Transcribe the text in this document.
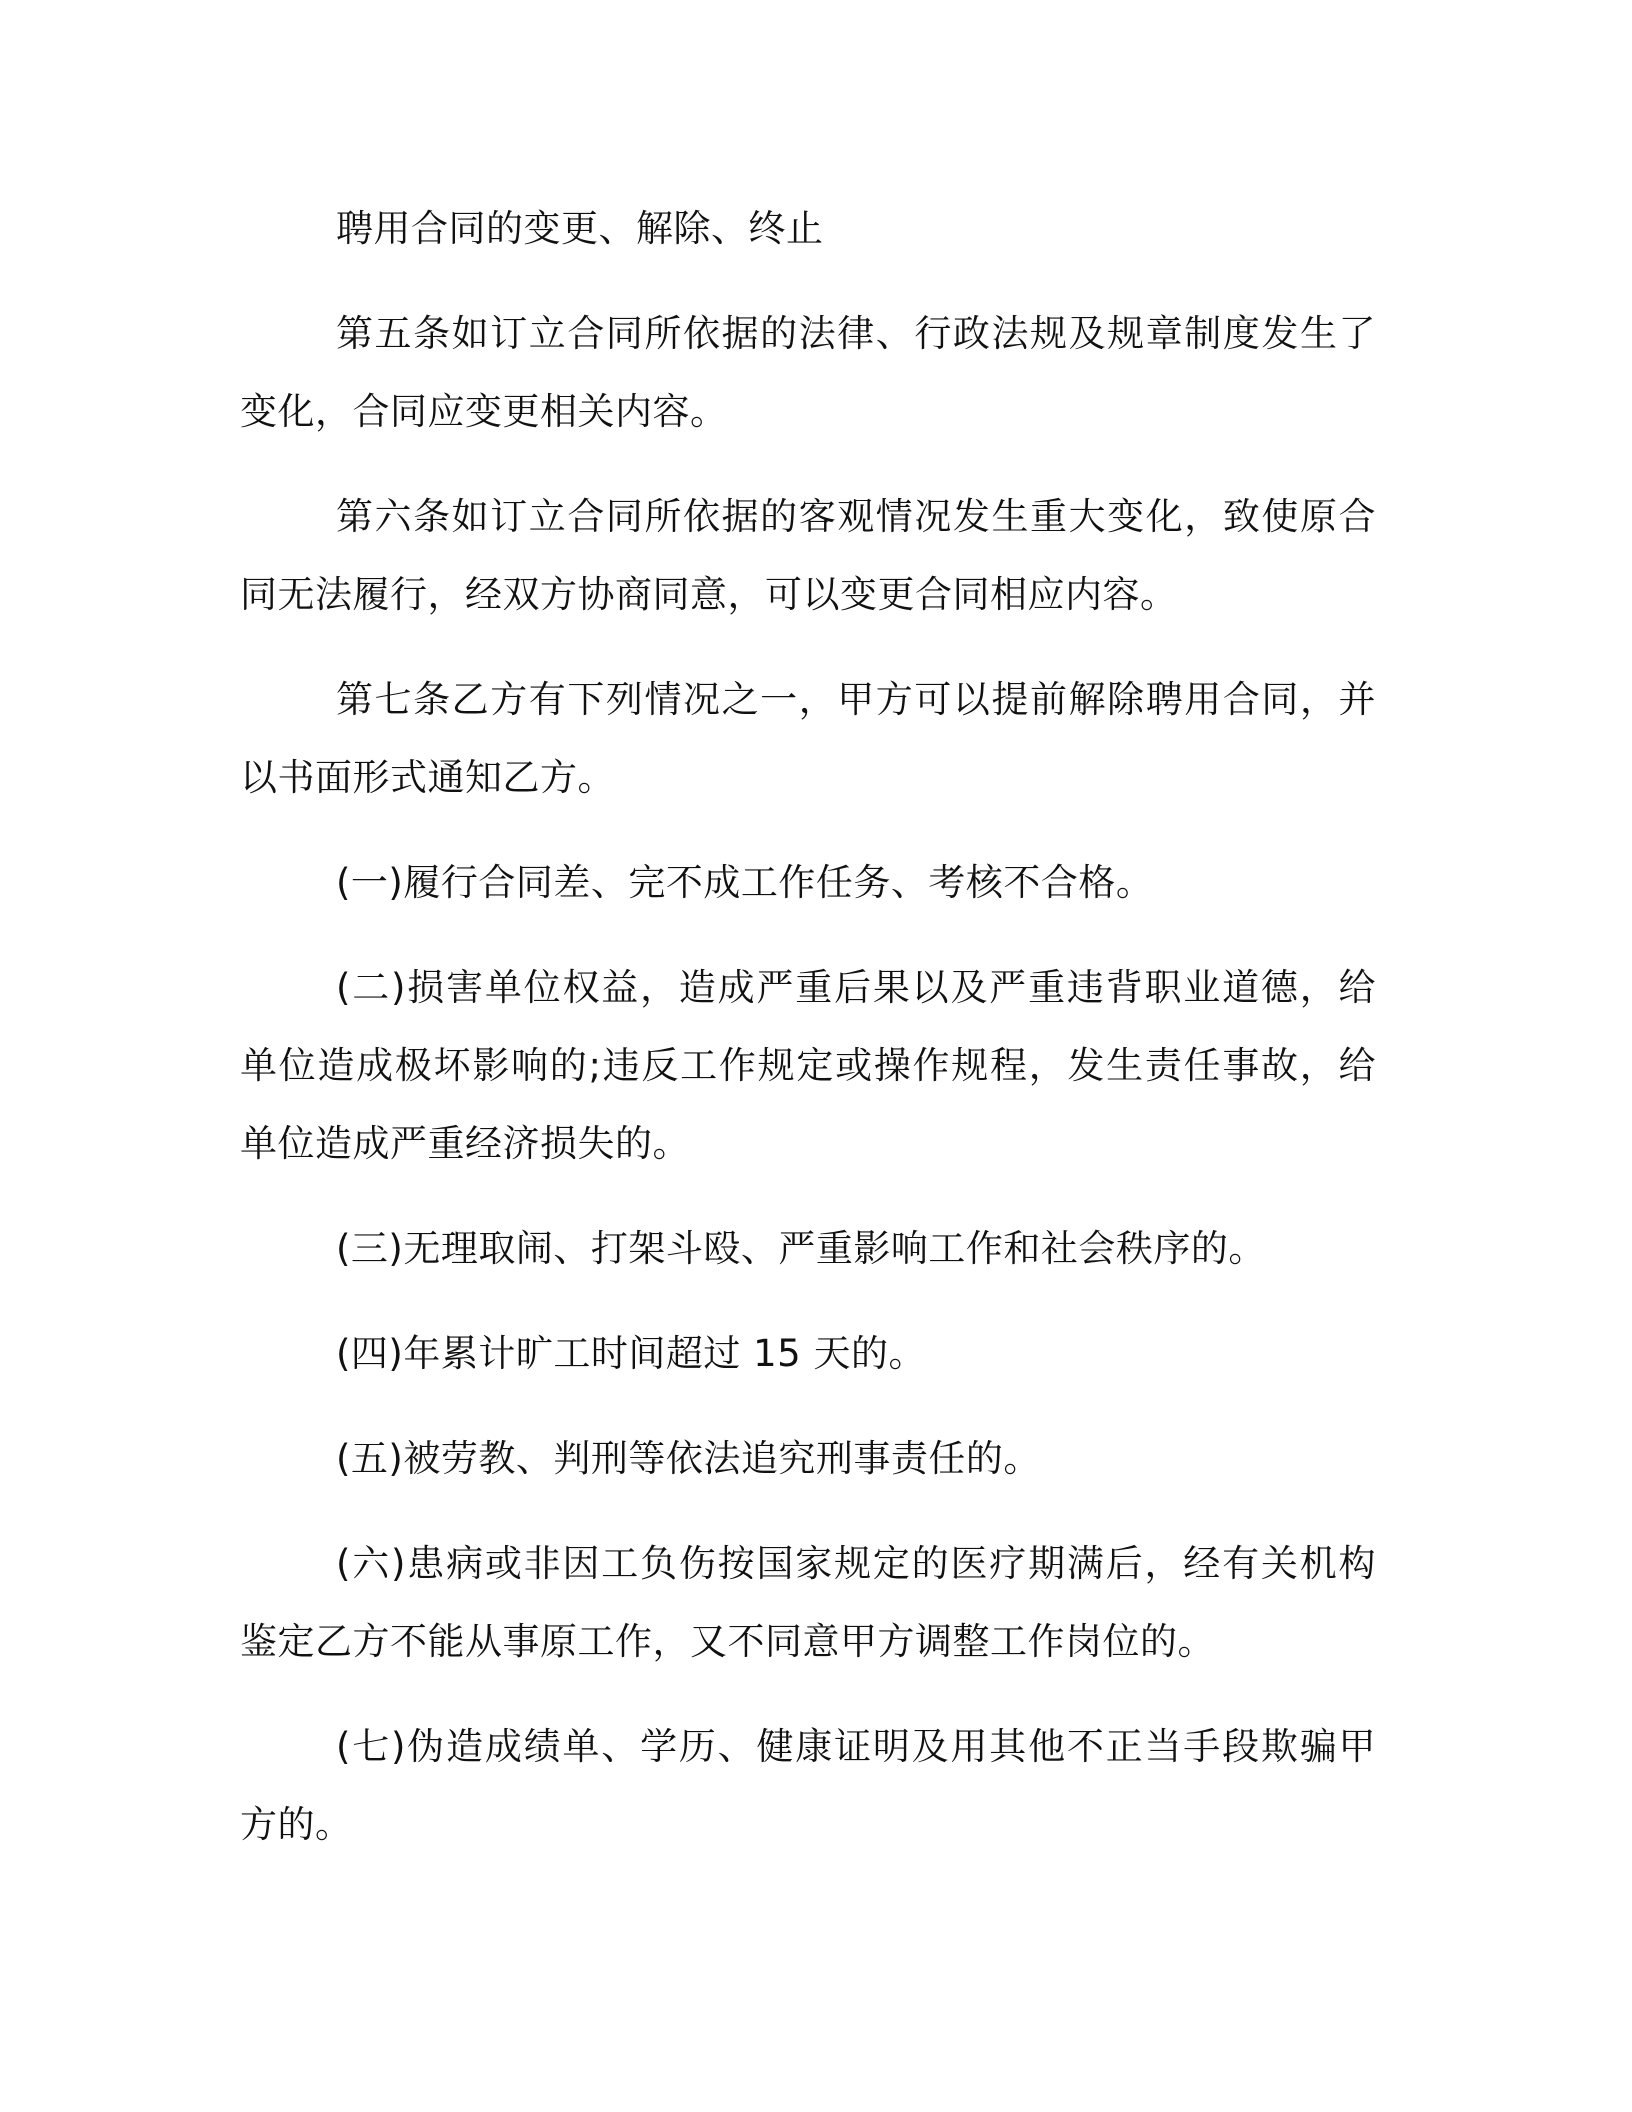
聘用合同的变更、解除、终止

第五条如订立合同所依据的法律、行政法规及规章制度发生了变化，合同应变更相关内容。

第六条如订立合同所依据的客观情况发生重大变化，致使原合同无法履行，经双方协商同意，可以变更合同相应内容。

第七条乙方有下列情况之一，甲方可以提前解除聘用合同，并以书面形式通知乙方。

(一)履行合同差、完不成工作任务、考核不合格。

(二)损害单位权益，造成严重后果以及严重违背职业道德，给单位造成极坏影响的;违反工作规定或操作规程，发生责任事故，给单位造成严重经济损失的。

(三)无理取闹、打架斗殴、严重影响工作和社会秩序的。

(四)年累计旷工时间超过 15 天的。

(五)被劳教、判刑等依法追究刑事责任的。

(六)患病或非因工负伤按国家规定的医疗期满后，经有关机构鉴定乙方不能从事原工作，又不同意甲方调整工作岗位的。

(七)伪造成绩单、学历、健康证明及用其他不正当手段欺骗甲方的。
